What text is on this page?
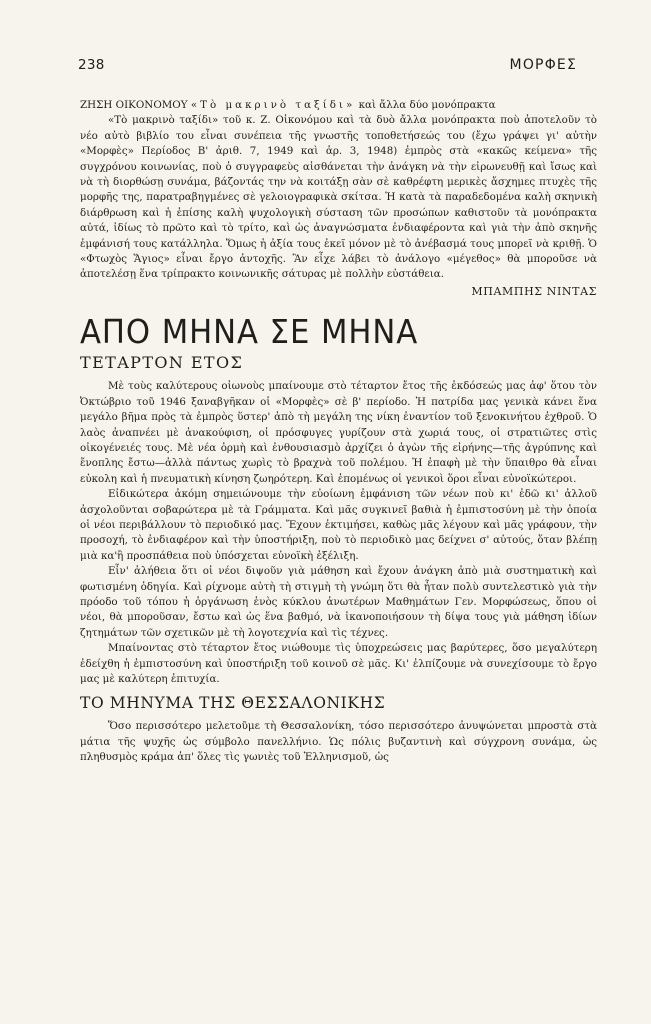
238	ΜΟΡΦΕΣ

ΖΗΣΗ ΟΙΚΟΝΟΜΟΥ «Τὸ μακρινὸ ταξίδι» καὶ ἄλλα δύο μονόπρακτα

«Τὸ μακρινὸ ταξίδι» τοῦ κ. Ζ. Οἰκονόμου καὶ τὰ δυὸ ἄλλα μονόπρακτα ποὺ ἀποτελοῦν τὸ νέο αὐτὸ βιβλίο του εἶναι συνέπεια τῆς γνωστῆς τοποθετήσεώς του (ἔχω γράψει γι' αὐτὴν «Μορφὲς» Περίοδος Β' ἀριθ. 7, 1949 καὶ ἀρ. 3, 1948) ἐμπρὸς στὰ «κακῶς κείμενα» τῆς συγχρόνου κοινωνίας, ποὺ ὁ συγγραφεὺς αἰσθάνεται τὴν ἀνάγκη νὰ τὴν εἰρωνευθῇ καὶ ἴσως καὶ νὰ τὴ διορθώσῃ συνάμα, βάζοντάς την νὰ κοιτάξῃ σὰν σὲ καθρέφτη μερικὲς ἄσχημες πτυχὲς τῆς μορφῆς της, παρατραβηγμένες σὲ γελοιογραφικὰ σκίτσα. Ἡ κατὰ τὰ παραδεδομένα καλὴ σκηνικὴ διάρθρωση καὶ ἡ ἐπίσης καλὴ ψυχολογικὴ σύσταση τῶν προσώπων καθιστοῦν τὰ μονόπρακτα αὐτά, ἰδίως τὸ πρῶτο καὶ τὸ τρίτο, καὶ ὡς ἀναγνώσματα ἐνδιαφέροντα καὶ γιὰ τὴν ἀπὸ σκηνῆς ἐμφάνισή τους κατάλληλα. Ὅμως ἡ ἀξία τους ἐκεῖ μόνον μὲ τὸ ἀνέβασμά τους μπορεῖ νὰ κριθῇ. Ὁ «Φτωχὸς Ἅγιος» εἶναι ἔργο ἀντοχῆς. Ἂν εἶχε λάβει τὸ ἀνάλογο «μέγεθος» θὰ μποροῦσε νὰ ἀποτελέσῃ ἕνα τρίπρακτο κοινωνικῆς σάτυρας μὲ πολλὴν εὐστάθεια.

ΜΠΑΜΠΗΣ ΝΙΝΤΑΣ

ΑΠΟ ΜΗΝΑ ΣΕ ΜΗΝΑ
ΤΕΤΑΡΤΟΝ ΕΤΟΣ

Μὲ τοὺς καλύτερους οἰωνοὺς μπαίνουμε στὸ τέταρτον ἔτος τῆς ἐκδόσεώς μας ἀφ' ὅτου τὸν Ὀκτώβριο τοῦ 1946 ξαναβγῆκαν οἱ «Μορφὲς» σὲ β' περίοδο. Ἡ πατρίδα μας γενικὰ κάνει ἕνα μεγάλο βῆμα πρὸς τὰ ἐμπρὸς ὕστερ' ἀπὸ τὴ μεγάλη της νίκη ἐναντίον τοῦ ξενοκινήτου ἐχθροῦ. Ὁ λαὸς ἀναπνέει μὲ ἀνακούφιση, οἱ πρόσφυγες γυρίζουν στὰ χωριά τους, οἱ στρατιῶτες στὶς οἰκογένειές τους. Μὲ νέα ὁρμὴ καὶ ἐνθουσιασμὸ ἀρχίζει ὁ ἀγὼν τῆς εἰρήνης—τῆς ἀγρύπνης καὶ ἔνοπλης ἔστω—ἀλλὰ πάντως χωρὶς τὸ βραχνὰ τοῦ πολέμου. Ἡ ἐπαφὴ μὲ τὴν ὕπαιθρο θὰ εἶναι εὐκολη καὶ ἡ πνευματικὴ κίνηση ζωηρότερη. Καὶ ἑπομένως οἱ γενικοὶ ὅροι εἶναι εὐνοϊκώτεροι.

Εἰδικώτερα ἀκόμη σημειώνουμε τὴν εὐοίωνη ἐμφάνιση τῶν νέων ποὺ κι' ἐδῶ κι' ἀλλοῦ ἀσχολοῦνται σοβαρώτερα μὲ τὰ Γράμματα. Καὶ μᾶς συγκινεῖ βαθιὰ ἡ ἐμπιστοσύνη μὲ τὴν ὁποία οἱ νέοι περιβάλλουν τὸ περιοδικό μας. Ἔχουν ἐκτιμήσει, καθὼς μᾶς λέγουν καὶ μᾶς γράφουν, τὴν προσοχή, τὸ ἐνδιαφέρον καὶ τὴν ὑποστήριξη, ποὺ τὸ περιοδικὸ μας δείχνει σ' αὐτούς, ὅταν βλέπῃ μιὰ κα'ἢ προσπάθεια ποὺ ὑπόσχεται εὐνοϊκὴ ἐξέλιξη.

Εἶν' ἀλήθεια ὅτι οἱ νέοι διψοῦν γιὰ μάθηση καὶ ἔχουν ἀνάγκη ἀπὸ μιὰ συστηματικὴ καὶ φωτισμένη ὁδηγία. Καὶ ρίχνομε αὐτὴ τὴ στιγμὴ τὴ γνώμη ὅτι θὰ ἦταν πολὺ συντελεστικὸ γιὰ τὴν πρόοδο τοῦ τόπου ἡ ὀργάνωση ἑνὸς κύκλου ἀνωτέρων Μαθημάτων Γεν. Μορφώσεως, ὅπου οἱ νέοι, θὰ μποροῦσαν, ἔστω καὶ ὡς ἕνα βαθμό, νὰ ἱκανοποιήσουν τὴ δίψα τους γιὰ μάθηση ἰδίων ζητημάτων τῶν σχετικῶν μὲ τὴ λογοτεχνία καὶ τὶς τέχνες.

Μπαίνοντας στὸ τέταρτον ἔτος νιώθουμε τὶς ὑποχρεώσεις μας βαρύτερες, ὅσο μεγαλύτερη ἐδείχθη ἡ ἐμπιστοσύνη καὶ ὑποστήριξη τοῦ κοινοῦ σὲ μᾶς. Κι' ἐλπίζουμε νὰ συνεχίσουμε τὸ ἔργο μας μὲ καλύτερη ἐπιτυχία.

ΤΟ ΜΗΝΥΜΑ ΤΗΣ ΘΕΣΣΑΛΟΝΙΚΗΣ

Ὅσο περισσότερο μελετοῦμε τὴ Θεσσαλονίκη, τόσο περισσότερο ἀνυψώνεται μπροστὰ στὰ μάτια τῆς ψυχῆς ὡς σύμβολο πανελλήνιο. Ὡς πόλις βυζαντινὴ καὶ σύγχρονη συνάμα, ὡς πληθυσμὸς κράμα ἀπ' ὅλες τὶς γωνιὲς τοῦ Ἑλληνισμοῦ, ὡς
